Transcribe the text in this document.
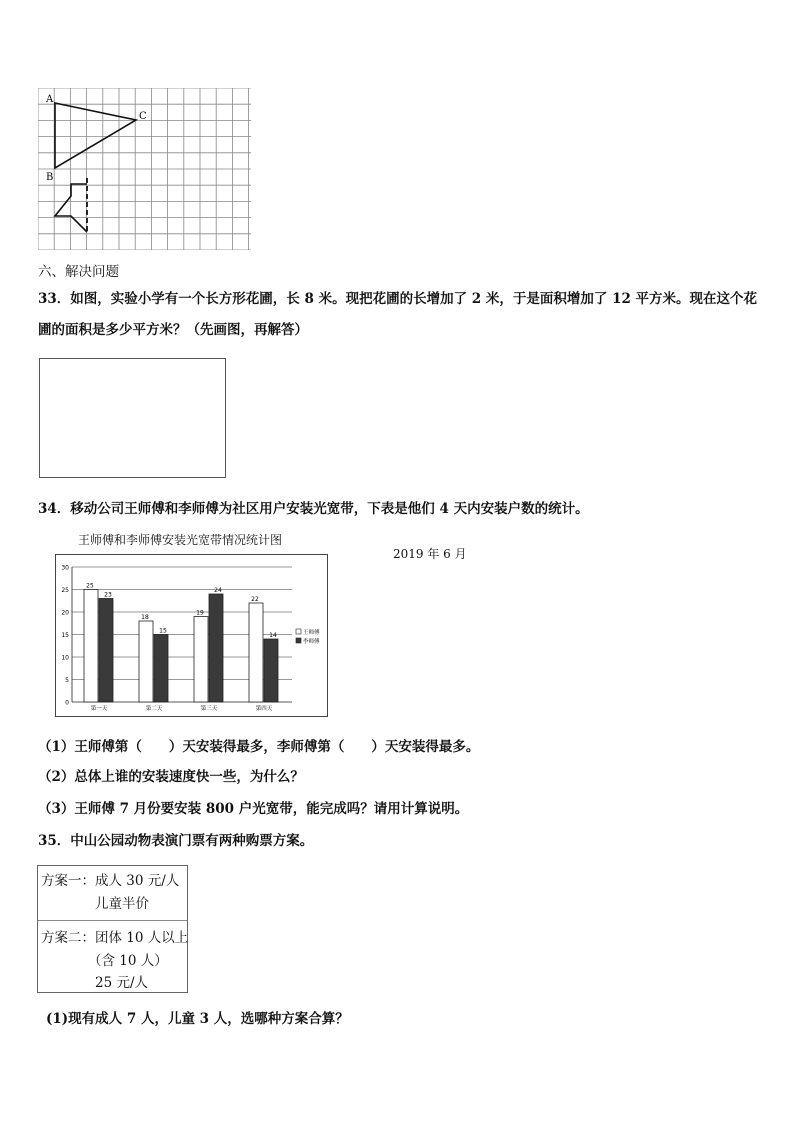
A
B
C
六、解决问题
33．如图，实验小学有一个长方形花圃，长 8 米。现把花圃的长增加了 2 米，于是面积增加了 12 平方米。现在这个花
圃的面积是多少平方米？（先画图，再解答）
34．移动公司王师傅和李师傅为社区用户安装光宽带，下表是他们 4 天内安装户数的统计。
王师傅和李师傅安装光宽带情况统计图
2019 年 6 月
0
5
10
15
20
25
30
25
23
第一天
18
15
第二天
19
24
第三天
22
14
第四天
王师傅
李师傅
（1）王师傅第（　　）天安装得最多，李师傅第（　　）天安装得最多。
（2）总体上谁的安装速度快一些，为什么？
（3）王师傅 7 月份要安装 800 户光宽带，能完成吗？请用计算说明。
35．中山公园动物表演门票有两种购票方案。
方案一： 成人 30 元/人
儿童半价
方案二： 团体 10 人以上
（含 10 人）
25 元/人
(1)现有成人 7 人，儿童 3 人，选哪种方案合算？
